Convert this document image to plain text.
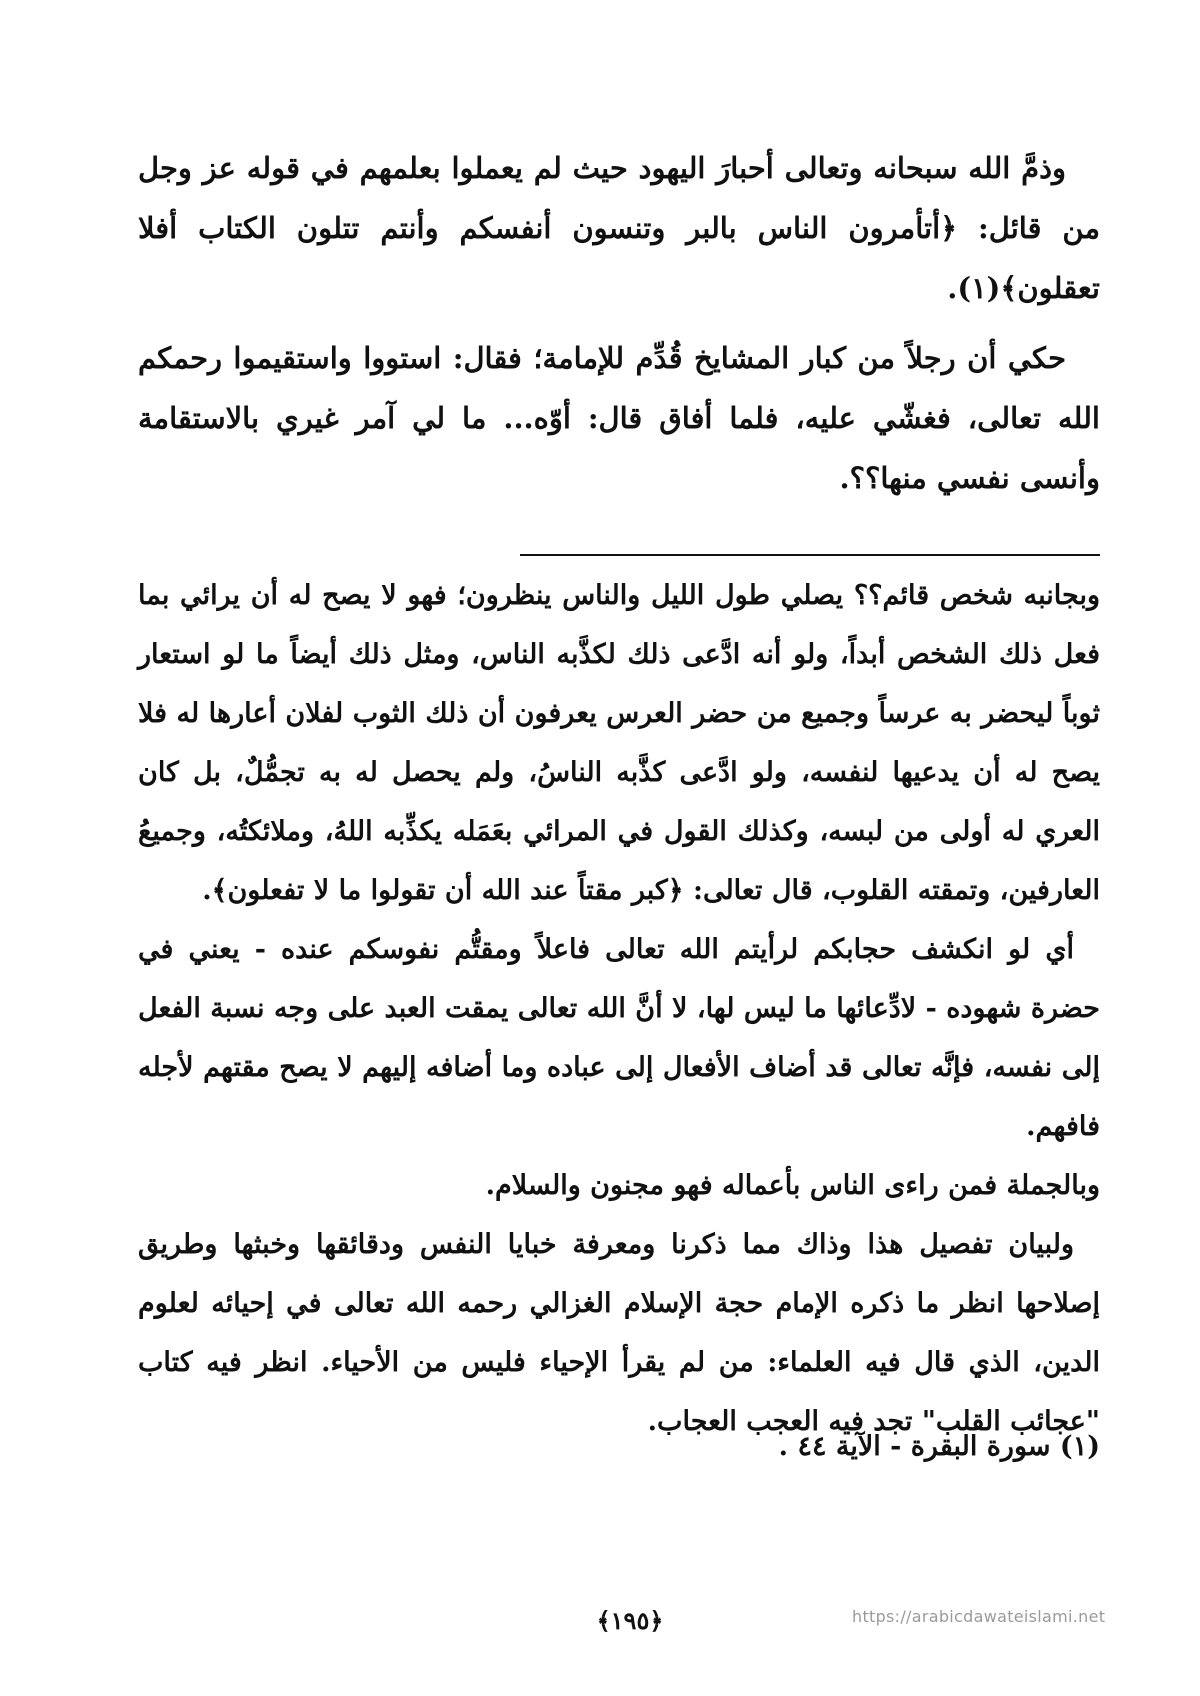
وذمَّ الله سبحانه وتعالى أحبارَ اليهود حيث لم يعملوا بعلمهم في قوله عز وجل من قائل: ﴿أتأمرون الناس بالبر وتنسون أنفسكم وأنتم تتلون الكتاب أفلا تعقلون﴾(١).

حكي أن رجلاً من كبار المشايخ قُدِّم للإمامة؛ فقال: استووا واستقيموا رحمكم الله تعالى، فغشّي عليه، فلما أفاق قال: أوّه... ما لي آمر غيري بالاستقامة وأنسى نفسي منها؟؟.

وبجانبه شخص قائم؟؟ يصلي طول الليل والناس ينظرون؛ فهو لا يصح له أن يرائي بما فعل ذلك الشخص أبداً، ولو أنه ادَّعى ذلك لكذَّبه الناس، ومثل ذلك أيضاً ما لو استعار ثوباً ليحضر به عرساً وجميع من حضر العرس يعرفون أن ذلك الثوب لفلان أعارها له فلا يصح له أن يدعيها لنفسه، ولو ادَّعى كذَّبه الناسُ، ولم يحصل له به تجمُّلٌ، بل كان العري له أولى من لبسه، وكذلك القول في المرائي بعَمَله يكذِّبه اللهُ، وملائكتُه، وجميعُ العارفين، وتمقته القلوب، قال تعالى: ﴿كبر مقتاً عند الله أن تقولوا ما لا تفعلون﴾.

أي لو انكشف حجابكم لرأيتم الله تعالى فاعلاً ومقتُّم نفوسكم عنده - يعني في حضرة شهوده - لادِّعائها ما ليس لها، لا أنَّ الله تعالى يمقت العبد على وجه نسبة الفعل إلى نفسه، فإنَّه تعالى قد أضاف الأفعال إلى عباده وما أضافه إليهم لا يصح مقتهم لأجله فافهم.

وبالجملة فمن راءى الناس بأعماله فهو مجنون والسلام.

ولبيان تفصيل هذا وذاك مما ذكرنا ومعرفة خبايا النفس ودقائقها وخبثها وطريق إصلاحها انظر ما ذكره الإمام حجة الإسلام الغزالي رحمه الله تعالى في إحيائه لعلوم الدين، الذي قال فيه العلماء: من لم يقرأ الإحياء فليس من الأحياء. انظر فيه كتاب "عجائب القلب" تجد فيه العجب العجاب.

(١) سورة البقرة - الآية ٤٤ .
﴿١٩٥﴾	https://arabicdawateislami.net
